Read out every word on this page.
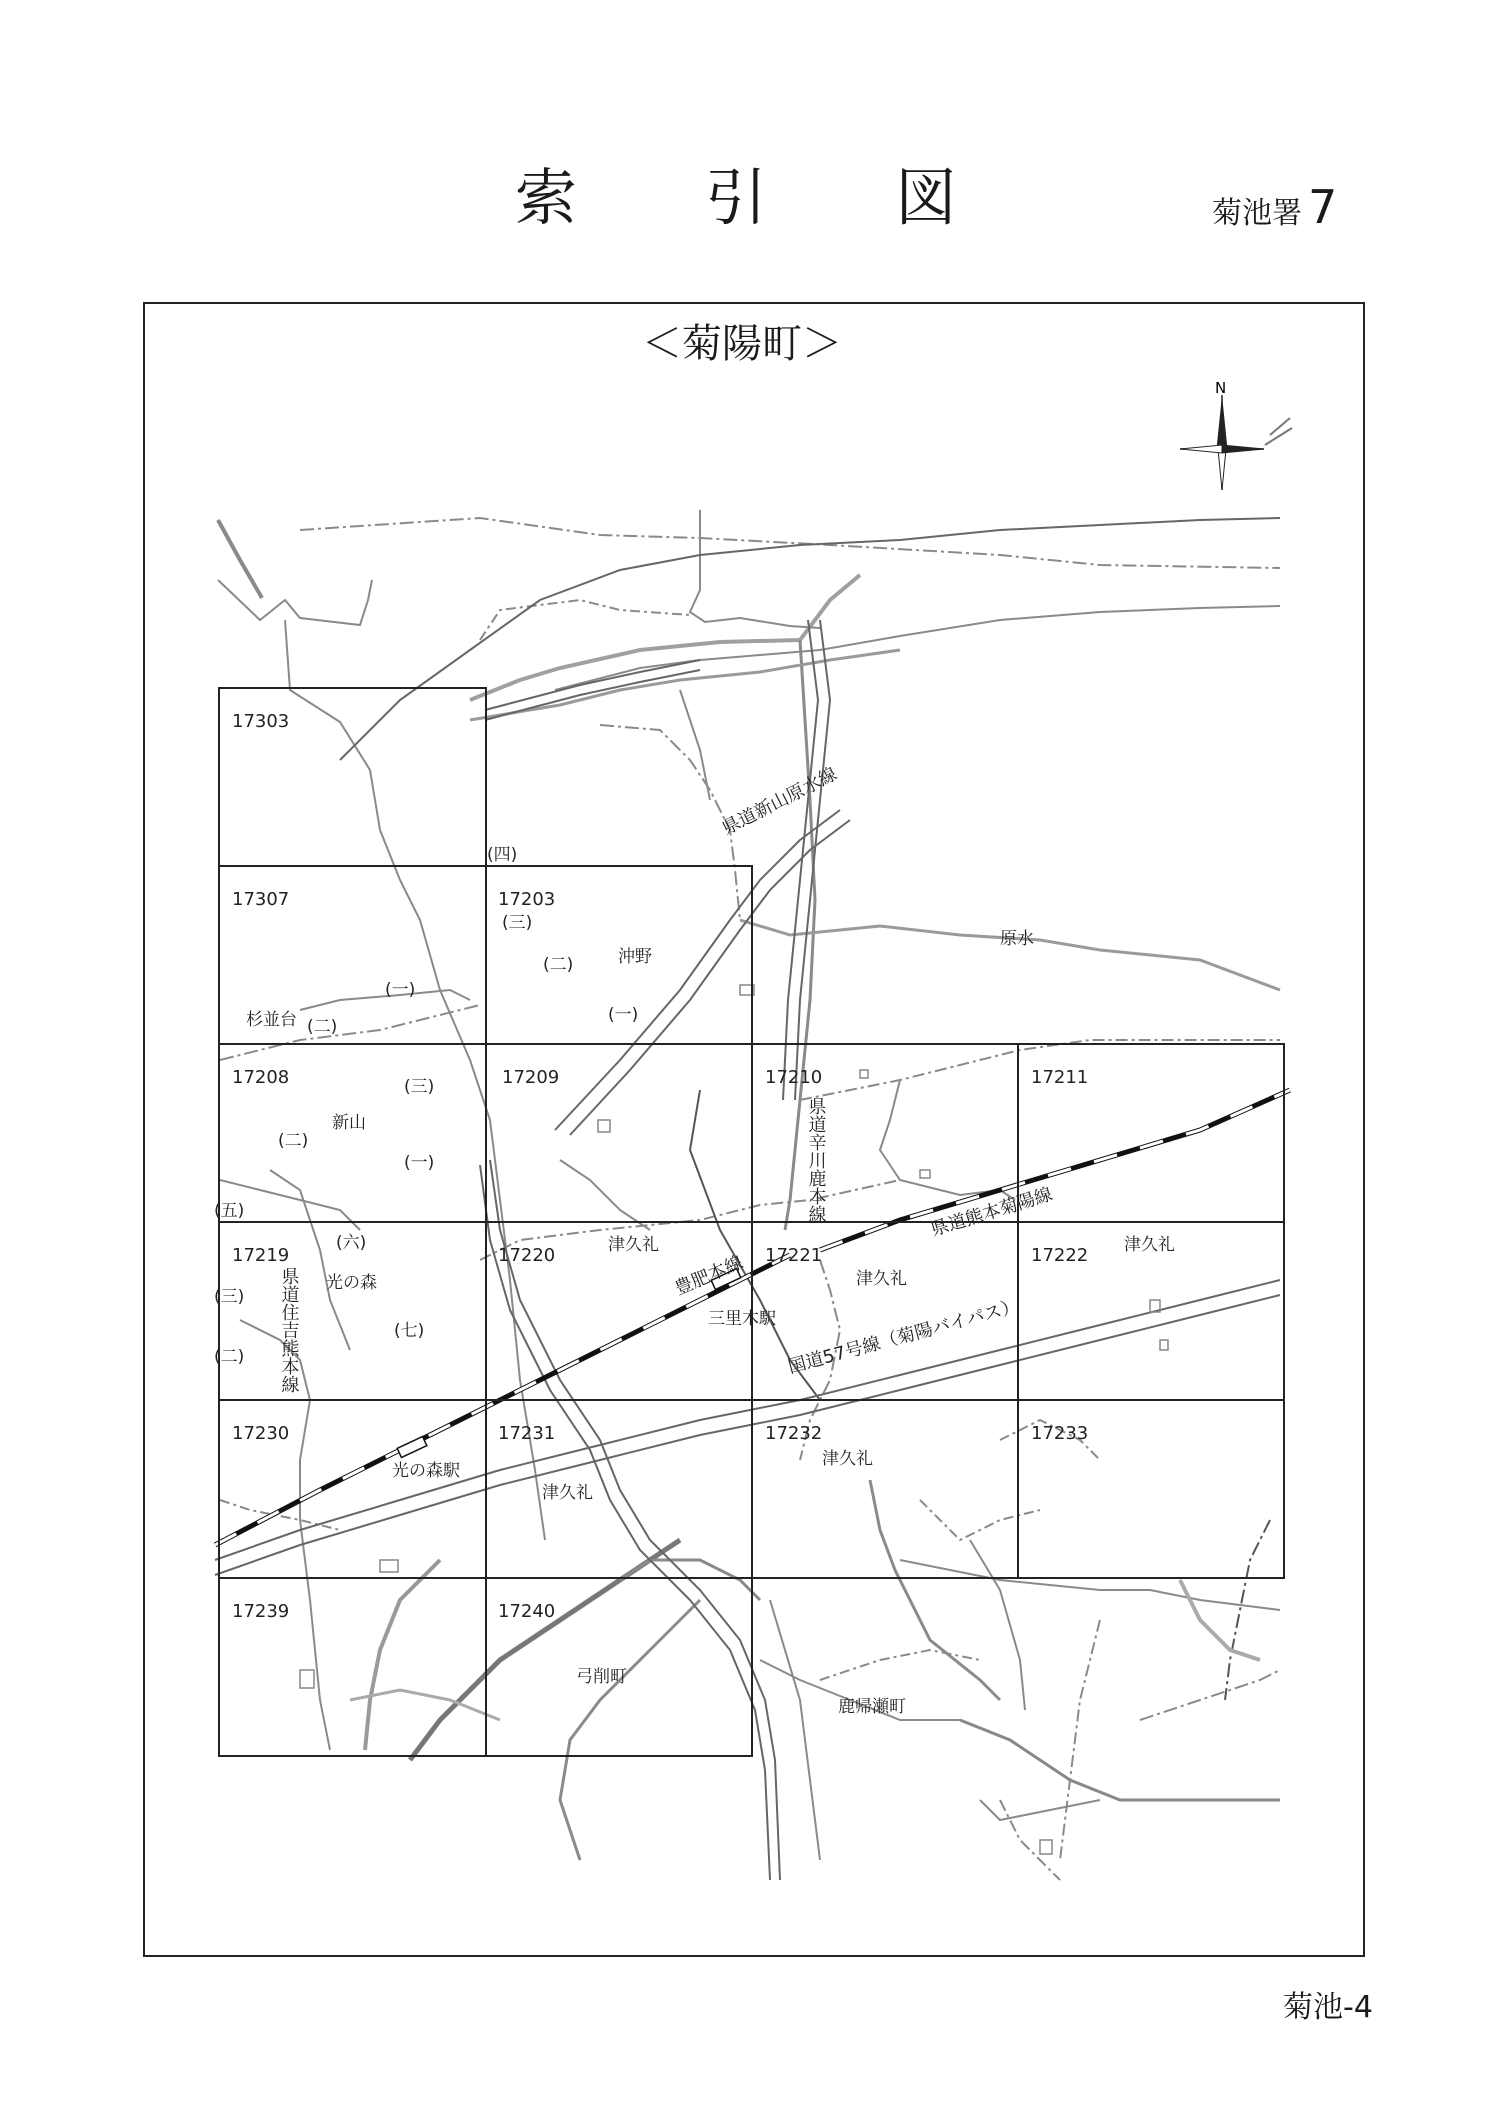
索 引 図	菊池署 7
＜菊陽町＞
N
17303
17307	17203
17208	17209	17210	17211
17219	17220	17221	17222
17230	17231	17232	17233
17239	17240
(四)
(三)
(二)	沖野
(一)
原水
(一)
杉並台 (二)
(三)
新山
(二)
(一)
(五)
(六)
光の森
(三)
(七)
(二)
津久礼
津久礼
津久礼
津久礼
津久礼
三里木駅
光の森駅
弓削町
鹿帰瀬町
県道新山原水線
県道辛川鹿本線	県道熊本菊陽線
豊肥本線
国道57号線（菊陽バイパス）
県道住吉熊本線
菊池-4
